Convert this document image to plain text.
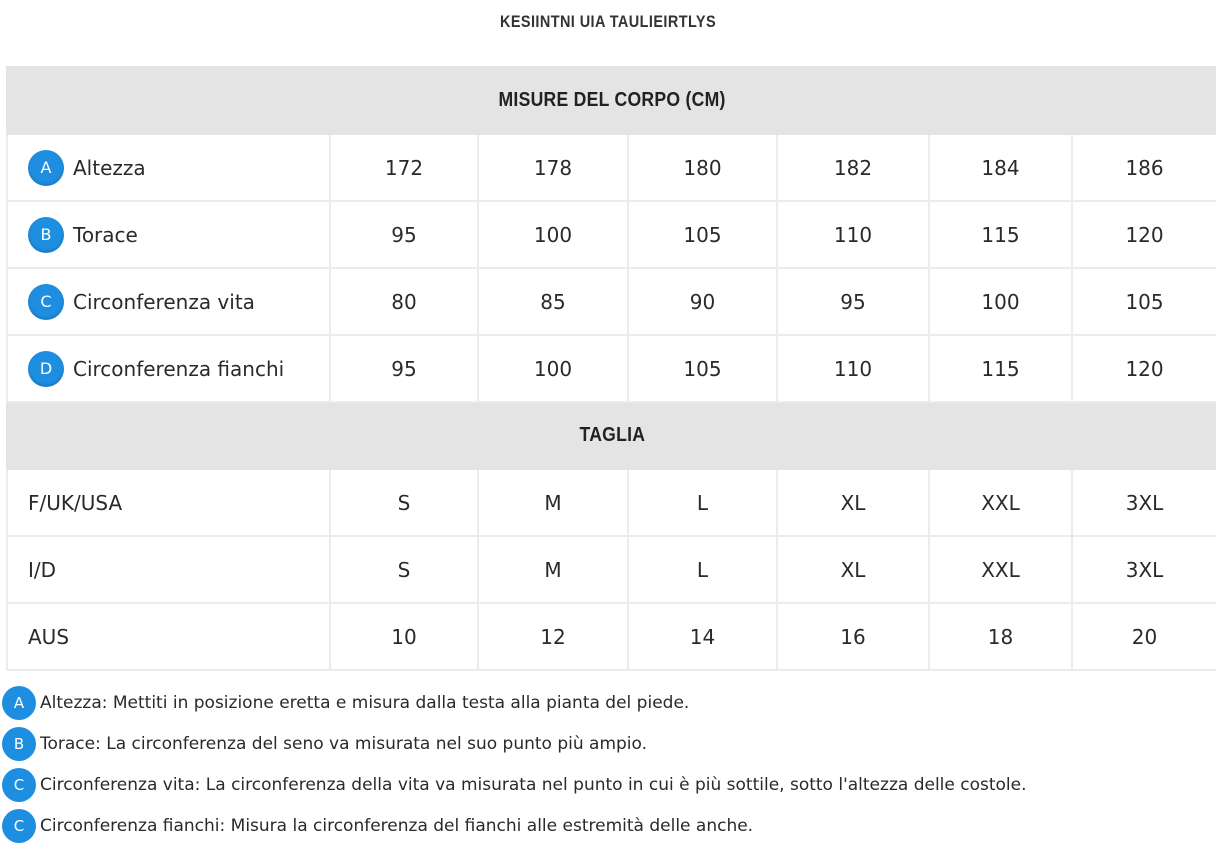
KESIINTNI UIA TAULIEIRTLYS
MISURE DEL CORPO (CM)						
A Altezza	172	178	180	182	184	186
B Torace	95	100	105	110	115	120
C Circonferenza vita	80	85	90	95	100	105
D Circonferenza fianchi	95	100	105	110	115	120
TAGLIA						
F/UK/USA	S	M	L	XL	XXL	3XL
I/D	S	M	L	XL	XXL	3XL
AUS	10	12	14	16	18	20
A Altezza : Mettiti in posizione eretta e misura dalla testa alla pianta del piede.
B Torace : La circonferenza del seno va misurata nel suo punto più ampio.
C Circonferenza vita : La circonferenza della vita va misurata nel punto in cui è più sottile, sotto l'altezza delle costole.
C Circonferenza fianchi : Misura la circonferenza del fianchi alle estremità delle anche.
